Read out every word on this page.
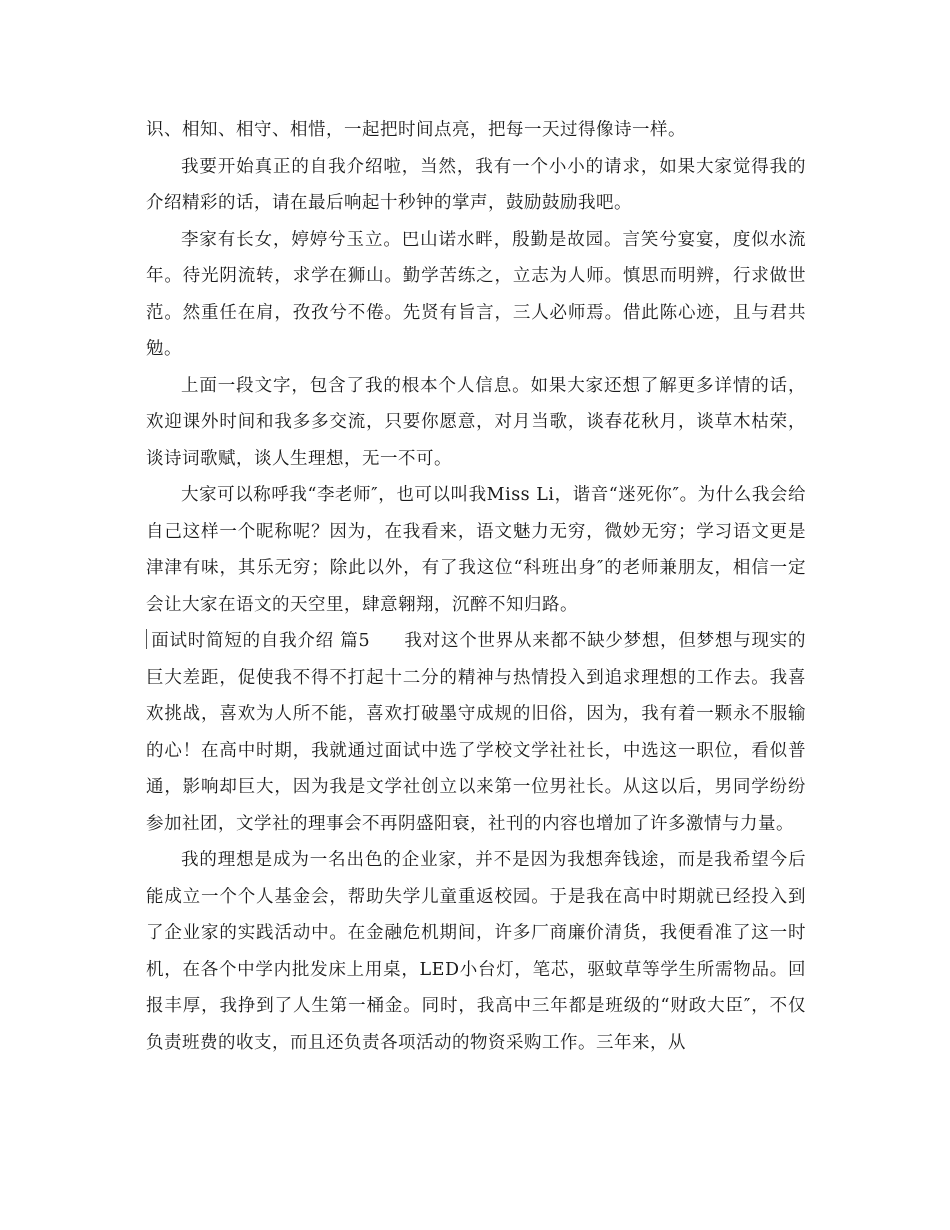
识、相知、相守、相惜，一起把时间点亮，把每一天过得像诗一样。

我要开始真正的自我介绍啦，当然，我有一个小小的请求，如果大家觉得我的介绍精彩的话，请在最后响起十秒钟的掌声，鼓励鼓励我吧。

李家有长女，婷婷兮玉立。巴山诺水畔，殷勤是故园。言笑兮宴宴，度似水流年。待光阴流转，求学在狮山。勤学苦练之，立志为人师。慎思而明辨，行求做世范。然重任在肩，孜孜兮不倦。先贤有旨言，三人必师焉。借此陈心迹，且与君共勉。

上面一段文字，包含了我的根本个人信息。如果大家还想了解更多详情的话，欢迎课外时间和我多多交流，只要你愿意，对月当歌，谈春花秋月，谈草木枯荣，谈诗词歌赋，谈人生理想，无一不可。

大家可以称呼我“李老师″，也可以叫我Miss Li，谐音“迷死你″。为什么我会给自己这样一个昵称呢？因为，在我看来，语文魅力无穷，微妙无穷；学习语文更是津津有味，其乐无穷；除此以外，有了我这位“科班出身″的老师兼朋友，相信一定会让大家在语文的天空里，肆意翱翔，沉醉不知归路。

面试时简短的自我介绍 篇5 我对这个世界从来都不缺少梦想，但梦想与现实的巨大差距，促使我不得不打起十二分的精神与热情投入到追求理想的工作去。我喜欢挑战，喜欢为人所不能，喜欢打破墨守成规的旧俗，因为，我有着一颗永不服输的心！在高中时期，我就通过面试中选了学校文学社社长，中选这一职位，看似普通，影响却巨大，因为我是文学社创立以来第一位男社长。从这以后，男同学纷纷参加社团，文学社的理事会不再阴盛阳衰，社刊的内容也增加了许多激情与力量。

我的理想是成为一名出色的企业家，并不是因为我想奔钱途，而是我希望今后能成立一个个人基金会，帮助失学儿童重返校园。于是我在高中时期就已经投入到了企业家的实践活动中。在金融危机期间，许多厂商廉价清货，我便看准了这一时机，在各个中学内批发床上用桌，LED小台灯，笔芯，驱蚊草等学生所需物品。回报丰厚，我挣到了人生第一桶金。同时，我高中三年都是班级的“财政大臣″，不仅负责班费的收支，而且还负责各项活动的物资采购工作。三年来，从
